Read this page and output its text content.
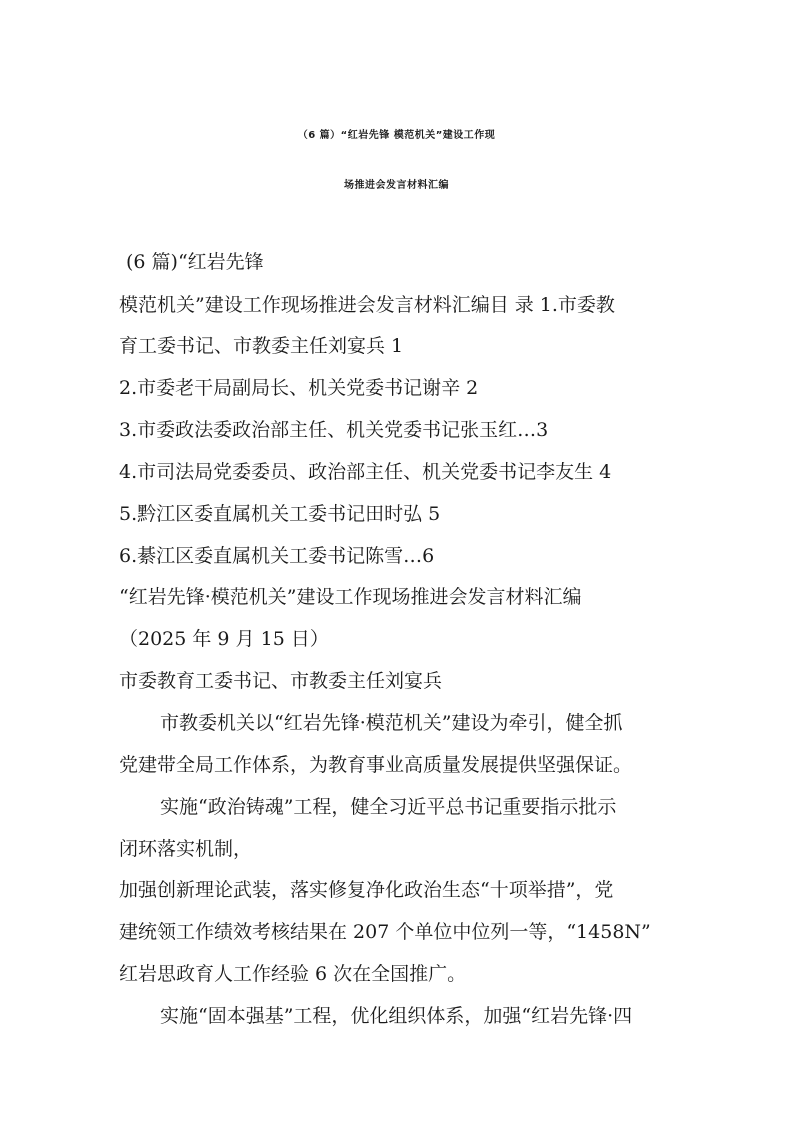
（6 篇）“红岩先锋 模范机关”建设工作现
场推进会发言材料汇编
(6 篇)“红岩先锋
模范机关”建设工作现场推进会发言材料汇编目 录 1.市委教
育工委书记、市教委主任刘宴兵 1
2.市委老干局副局长、机关党委书记谢辛 2
3.市委政法委政治部主任、机关党委书记张玉红…3
4.市司法局党委委员、政治部主任、机关党委书记李友生 4
5.黔江区委直属机关工委书记田时弘 5
6.綦江区委直属机关工委书记陈雪…6
“红岩先锋·模范机关”建设工作现场推进会发言材料汇编
（2025 年 9 月 15 日）
市委教育工委书记、市教委主任刘宴兵
市教委机关以“红岩先锋·模范机关”建设为牵引，健全抓
党建带全局工作体系，为教育事业高质量发展提供坚强保证。
实施“政治铸魂”工程，健全习近平总书记重要指示批示
闭环落实机制，
加强创新理论武装，落实修复净化政治生态“十项举措”，党
建统领工作绩效考核结果在 207 个单位中位列一等，“1458N”
红岩思政育人工作经验 6 次在全国推广。
实施“固本强基”工程，优化组织体系，加强“红岩先锋·四
